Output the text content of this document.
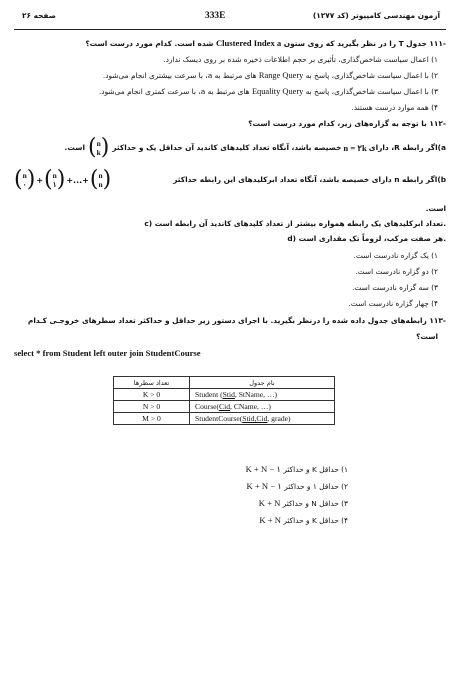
آزمون مهندسی کامپیوتر (کد ۱۲۷۷)
333E
صفحه ۲۶
-۱۱۱ جدول T را در نظر بگیرید که روی ستون Clustered Index a شده است. کدام مورد درست است؟
۱) اعمال سیاست شاخص‌گذاری، تأثیری بر حجم اطلاعات ذخیره شده بر روی دیسک ندارد.
۲) با اعمال سیاست شاخص‌گذاری، پاسخ به Range Query های مرتبط به a، با سرعت بیشتری انجام می‌شود.
۳) با اعمال سیاست شاخص‌گذاری، پاسخ به Equality Query های مرتبط به a، با سرعت کمتری انجام می‌شود.
۴) همه موارد درست هستند.
-۱۱۲ با توجه به گزاره‌های زیر، کدام مورد درست است؟
a)
اگر رابطه R، دارای
n = ۲k
خصیصه باشد، آنگاه تعداد کلیدهای کاندید آن حداقل یک و حداکثر
( n
k )
است.
b)
اگر رابطه n دارای خصیصه باشد، آنگاه تعداد ابرکلیدهای این رابطه حداکثر
( n
۰ ) + ( n
۱ ) +...+ ( n
n )
است.
c) تعداد ابرکلیدهای یک رابطه همواره بیشتر از تعداد کلیدهای کاندید آن رابطه است.
d) هر صفت مرکب، لزوماً تک مقداری است.
۱) یک گزاره نادرست است.
۲) دو گزاره نادرست است.
۳) سه گزاره نادرست است.
۴) چهار گزاره نادرست است.
-۱۱۳ رابطه‌های جدول داده شده را درنظر بگیرید. با اجرای دستور زیر حداقل و حداکثر تعداد سطرهای خروجـی کـدام
است؟
select * from Student left outer join StudentCourse
تعداد سطرها	نام جدول
K > 0	Student (Stid, StName, …)
N > 0	Course(Cid, CName, …)
M > 0	StudentCourse(Stid,Cid, grade)
۱) حداقل K و حداکثر K + N − ۱
۲) حداقل ۱ و حداکثر K + N − ۱
۳) حداقل N و حداکثر K + N
۴) حداقل K و حداکثر K + N
